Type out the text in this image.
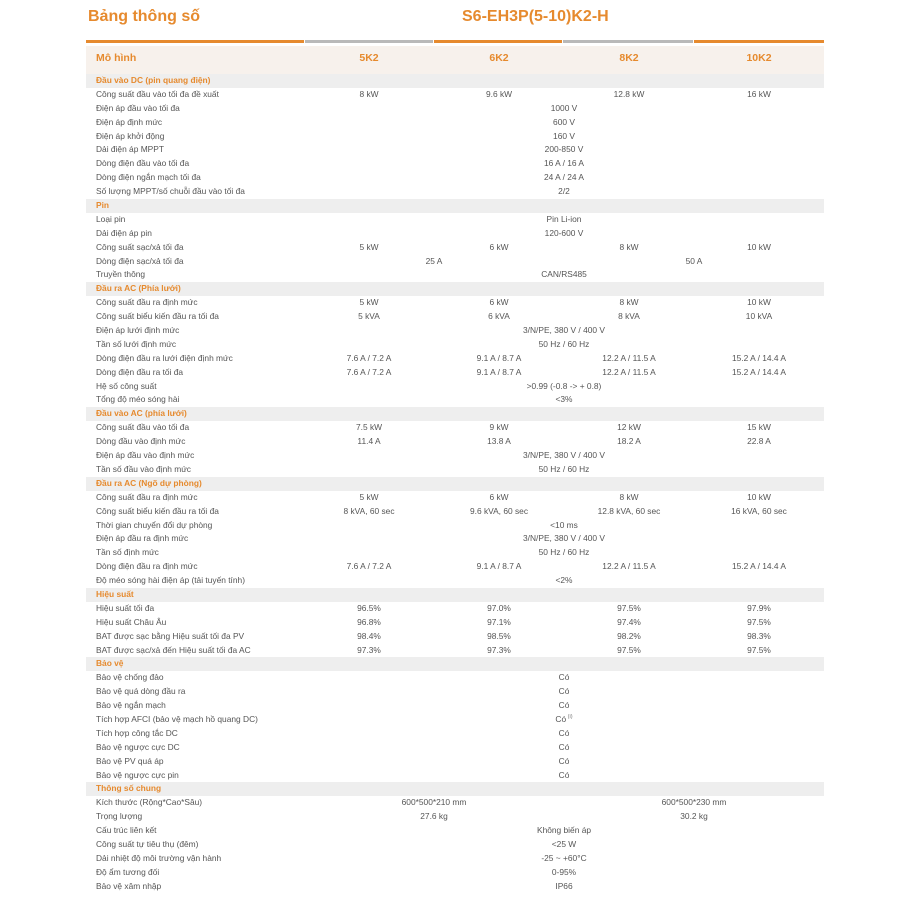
Bảng thông số	S6-EH3P(5-10)K2-H
Mô hình	5K2	6K2	8K2	10K2
Đầu vào DC (pin quang điện)
Công suất đầu vào tối đa đề xuất	8 kW	9.6 kW	12.8 kW	16 kW
Điện áp đầu vào tối đa	1000 V
Điện áp định mức	600 V
Điện áp khởi động	160 V
Dải điện áp MPPT	200-850 V
Dòng điện đầu vào tối đa	16 A / 16 A
Dòng điện ngắn mạch tối đa	24 A / 24 A
Số lượng MPPT/số chuỗi đầu vào tối đa	2/2
Pin
Loại pin	Pin Li-ion
Dải điện áp pin	120-600 V
Công suất sạc/xả tối đa	5 kW	6 kW	8 kW	10 kW
Dòng điện sạc/xả tối đa	25 A	50 A
Truyền thông	CAN/RS485
Đầu ra AC (Phía lưới)
Công suất đầu ra định mức	5 kW	6 kW	8 kW	10 kW
Công suất biểu kiến đầu ra tối đa	5 kVA	6 kVA	8 kVA	10 kVA
Điện áp lưới định mức	3/N/PE, 380 V / 400 V
Tần số lưới định mức	50 Hz / 60 Hz
Dòng điện đầu ra lưới điện định mức	7.6 A / 7.2 A	9.1 A / 8.7 A	12.2 A / 11.5 A	15.2 A / 14.4 A
Dòng điện đầu ra tối đa	7.6 A / 7.2 A	9.1 A / 8.7 A	12.2 A / 11.5 A	15.2 A / 14.4 A
Hệ số công suất	>0.99 (-0.8 -> + 0.8)
Tổng độ méo sóng hài	<3%
Đầu vào AC (phía lưới)
Công suất đầu vào tối đa	7.5 kW	9 kW	12 kW	15 kW
Dòng đầu vào định mức	11.4 A	13.8 A	18.2 A	22.8 A
Điện áp đầu vào định mức	3/N/PE, 380 V / 400 V
Tần số đầu vào định mức	50 Hz / 60 Hz
Đầu ra AC (Ngõ dự phòng)
Công suất đầu ra định mức	5 kW	6 kW	8 kW	10 kW
Công suất biểu kiến đầu ra tối đa	8 kVA, 60 sec	9.6 kVA, 60 sec	12.8 kVA, 60 sec	16 kVA, 60 sec
Thời gian chuyển đổi dự phòng	<10 ms
Điện áp đầu ra định mức	3/N/PE, 380 V / 400 V
Tần số định mức	50 Hz / 60 Hz
Dòng điện đầu ra định mức	7.6 A / 7.2 A	9.1 A / 8.7 A	12.2 A / 11.5 A	15.2 A / 14.4 A
Độ méo sóng hài điện áp (tải tuyến tính)	<2%
Hiệu suất
Hiệu suất tối đa	96.5%	97.0%	97.5%	97.9%
Hiệu suất Châu Âu	96.8%	97.1%	97.4%	97.5%
BAT được sạc bằng Hiệu suất tối đa PV	98.4%	98.5%	98.2%	98.3%
BAT được sạc/xả đến Hiệu suất tối đa AC	97.3%	97.3%	97.5%	97.5%
Bảo vệ
Bảo vệ chống đảo	Có
Bảo vệ quá dòng đầu ra	Có
Bảo vệ ngắn mạch	Có
Tích hợp AFCI (bảo vệ mạch hồ quang DC)	Có $^{(i)}$
Tích hợp công tắc DC	Có
Bảo vệ ngược cực DC	Có
Bảo vệ PV quá áp	Có
Bảo vệ ngược cực pin	Có
Thông số chung
Kích thước (Rộng*Cao*Sâu)	600*500*210 mm	600*500*230 mm
Trọng lượng	27.6 kg	30.2 kg
Cấu trúc liên kết	Không biến áp
Công suất tự tiêu thụ (đêm)	<25 W
Dải nhiệt độ môi trường vận hành	-25 ~ +60°C
Độ ẩm tương đối	0-95%
Bảo vệ xâm nhập	IP66
